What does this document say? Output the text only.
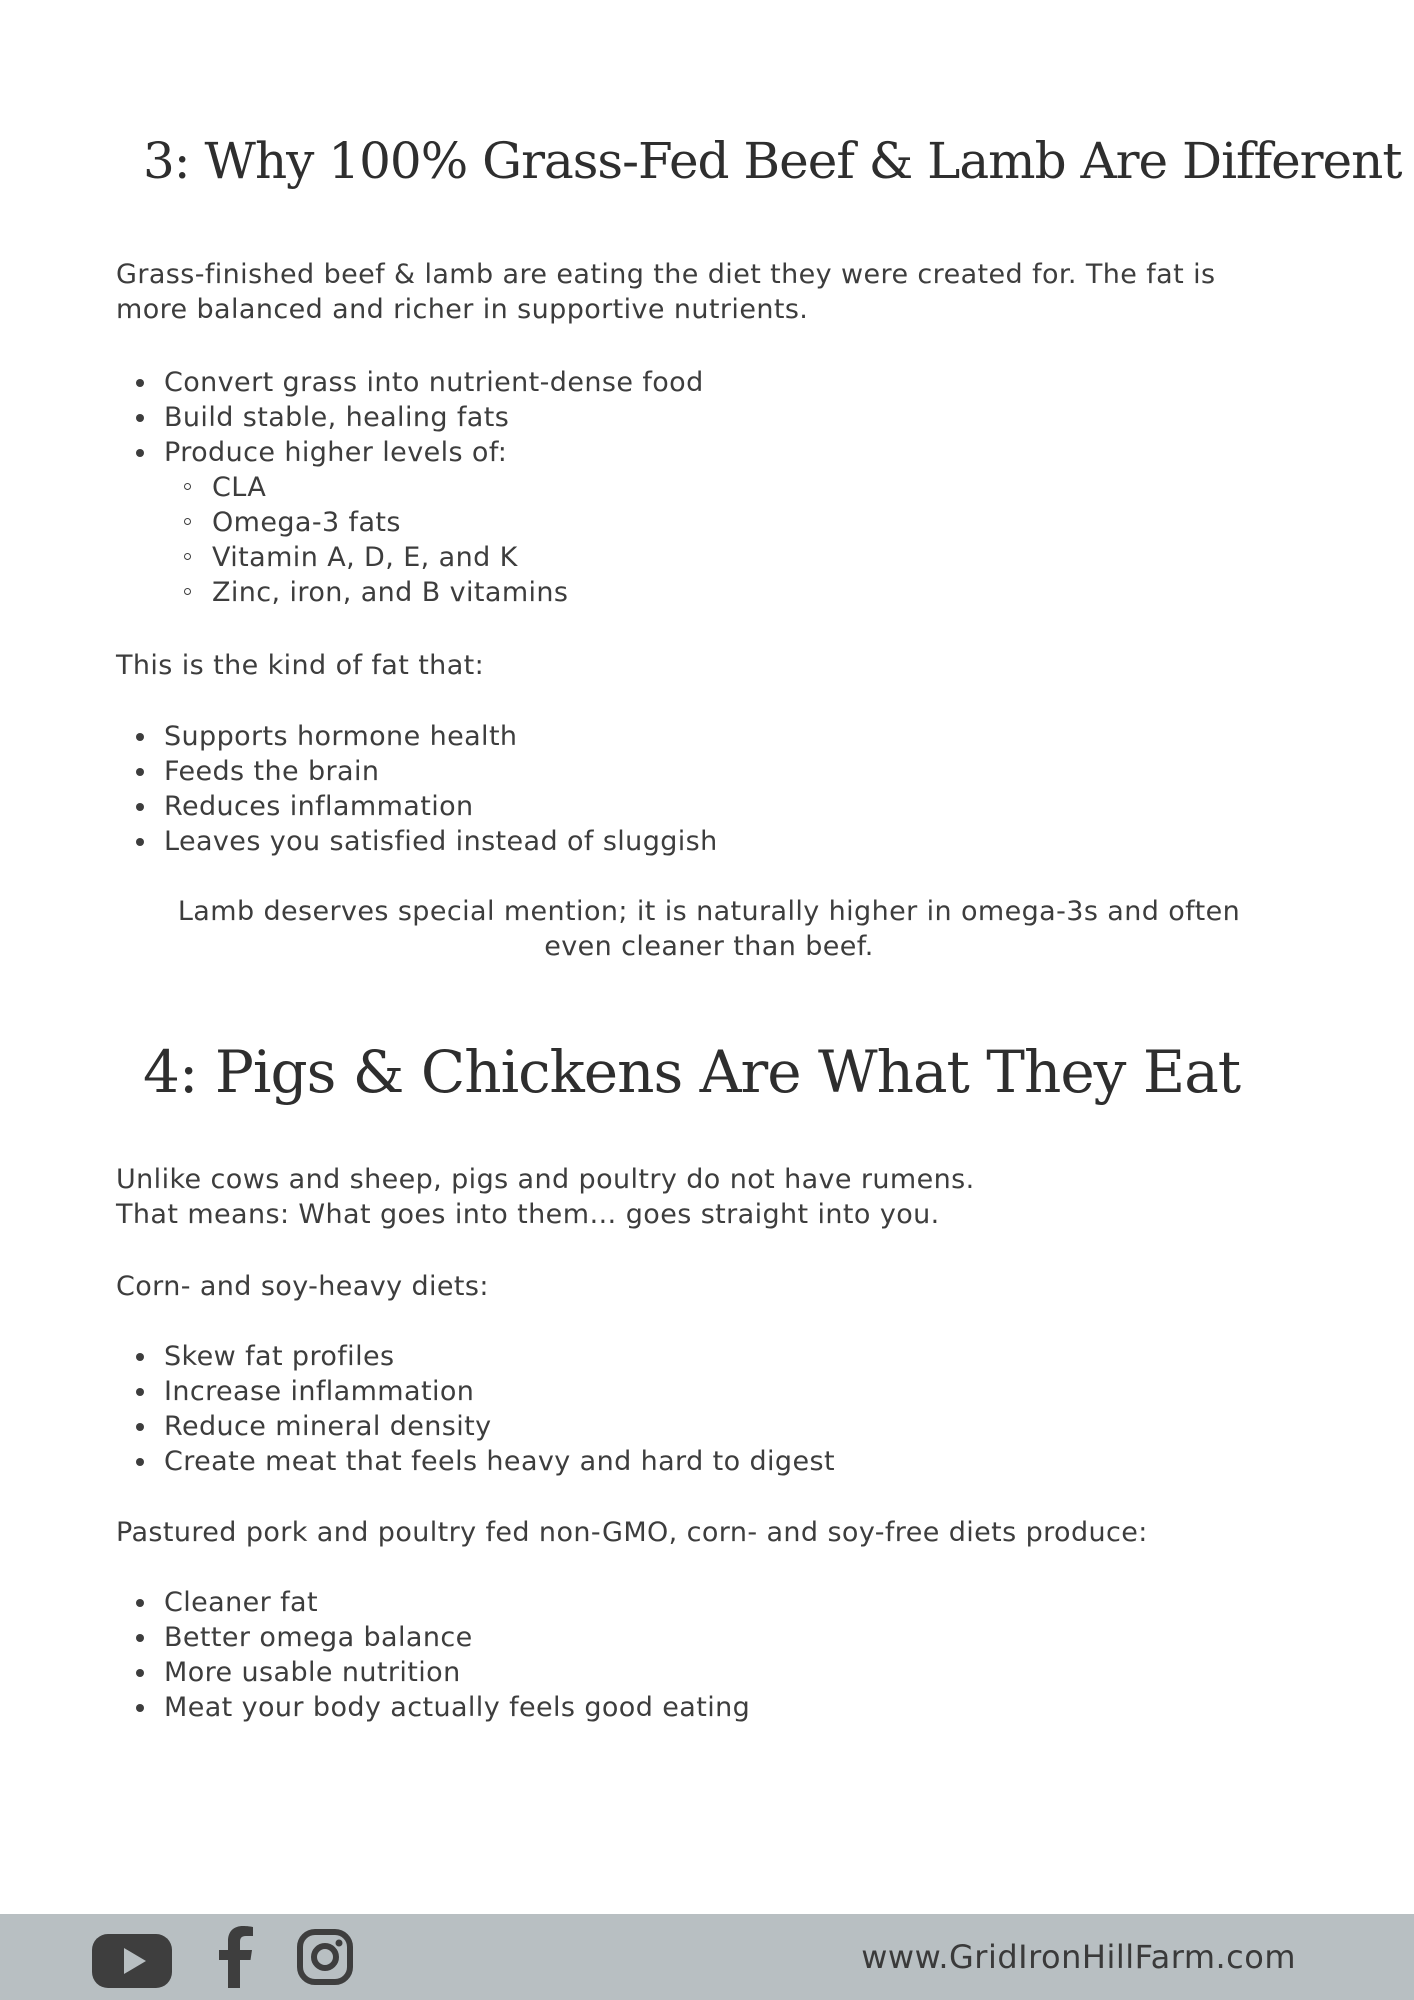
3: Why 100% Grass-Fed Beef & Lamb Are Different

Grass-finished beef & lamb are eating the diet they were created for. The fat is

more balanced and richer in supportive nutrients.

Convert grass into nutrient-dense food
Build stable, healing fats
Produce higher levels of:
CLA
Omega-3 fats
Vitamin A, D, E, and K
Zinc, iron, and B vitamins

This is the kind of fat that:

Supports hormone health
Feeds the brain
Reduces inflammation
Leaves you satisfied instead of sluggish

Lamb deserves special mention; it is naturally higher in omega-3s and often

even cleaner than beef.

4: Pigs & Chickens Are What They Eat

Unlike cows and sheep, pigs and poultry do not have rumens.

That means: What goes into them… goes straight into you.

Corn- and soy-heavy diets:

Skew fat profiles
Increase inflammation
Reduce mineral density
Create meat that feels heavy and hard to digest

Pastured pork and poultry fed non-GMO, corn- and soy-free diets produce:

Cleaner fat
Better omega balance
More usable nutrition
Meat your body actually feels good eating
www.GridIronHillFarm.com
